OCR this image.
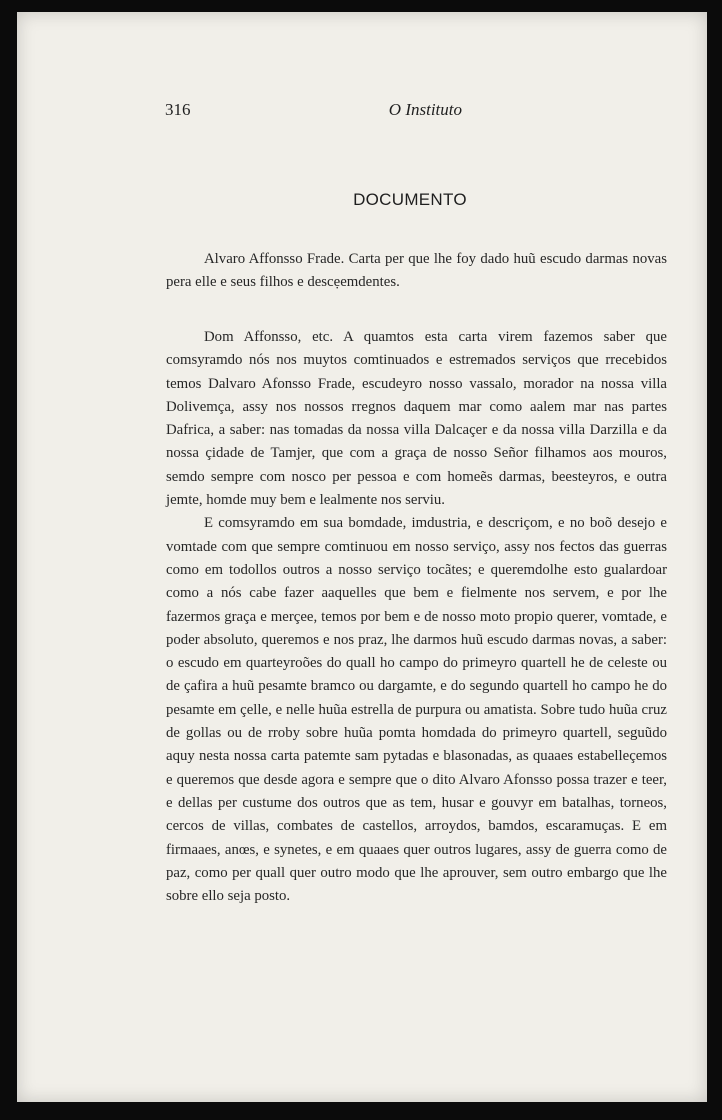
316	O Instituto
DOCUMENTO

Alvaro Affonsso Frade. Carta per que lhe foy dado huũ escudo darmas novas pera elle e seus filhos e descẹemdentes.

Dom Affonsso, etc. A quamtos esta carta virem fazemos saber que comsyramdo nós nos muytos comtinuados e estremados serviços que rrecebidos temos Dalvaro Afonsso Frade, escudeyro nosso vassalo, morador na nossa villa Dolivemça, assy nos nossos rregnos daquem mar como aalem mar nas partes Dafrica, a saber: nas tomadas da nossa villa Dalcaçer e da nossa villa Darzilla e da nossa çidade de Tamjer, que com a graça de nosso Señor filhamos aos mouros, semdo sempre com nosco per pessoa e com homeẽs darmas, beesteyros, e outra jemte, homde muy bem e lealmente nos serviu.

E comsyramdo em sua bomdade, imdustria, e descriçom, e no boõ desejo e vomtade com que sempre comtinuou em nosso serviço, assy nos fectos das guerras como em todollos outros a nosso serviço tocãtes; e queremdolhe esto gualardoar como a nós cabe fazer aaquelles que bem e fielmente nos servem, e por lhe fazermos graça e merçee, temos por bem e de nosso moto propio querer, vomtade, e poder absoluto, queremos e nos praz, lhe darmos huũ escudo darmas novas, a saber: o escudo em quarteyroões do quall ho campo do primeyro quartell he de celeste ou de çafira a huũ pesamte bramco ou dargamte, e do segundo quartell ho campo he do pesamte em çelle, e nelle huũa estrella de purpura ou amatista. Sobre tudo huũa cruz de gollas ou de rroby sobre huũa pomta homdada do primeyro quartell, seguũdo aquy nesta nossa carta patemte sam pytadas e blasonadas, as quaaes estabelleçemos e queremos que desde agora e sempre que o dito Alvaro Afonsso possa trazer e teer, e dellas per custume dos outros que as tem, husar e gouvyr em batalhas, torneos, cercos de villas, combates de castellos, arroydos, bamdos, escaramuças. E em firmaaes, anœs, e synetes, e em quaaes quer outros lugares, assy de guerra como de paz, como per quall quer outro modo que lhe aprouver, sem outro embargo que lhe sobre ello seja posto.
